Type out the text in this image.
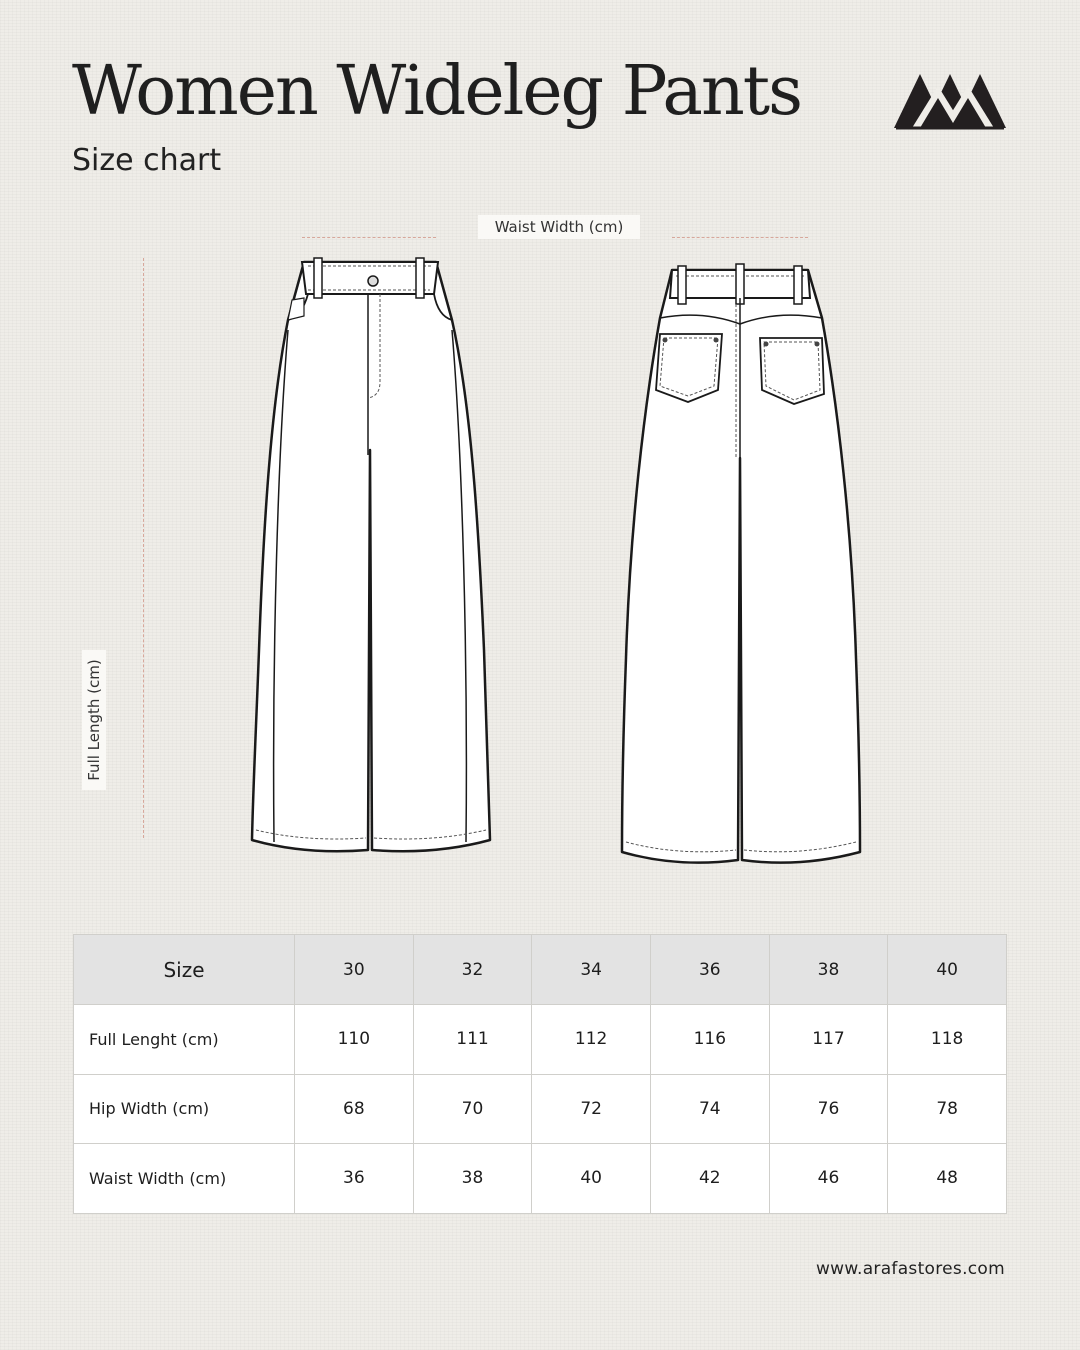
Women Wideleg Pants
Size chart
Waist Width (cm)
Full Length (cm)
Size	30	32	34	36	38	40
Full Lenght (cm)	110	111	112	116	117	118
Hip Width (cm)	68	70	72	74	76	78
Waist Width (cm)	36	38	40	42	46	48
www.arafastores.com
